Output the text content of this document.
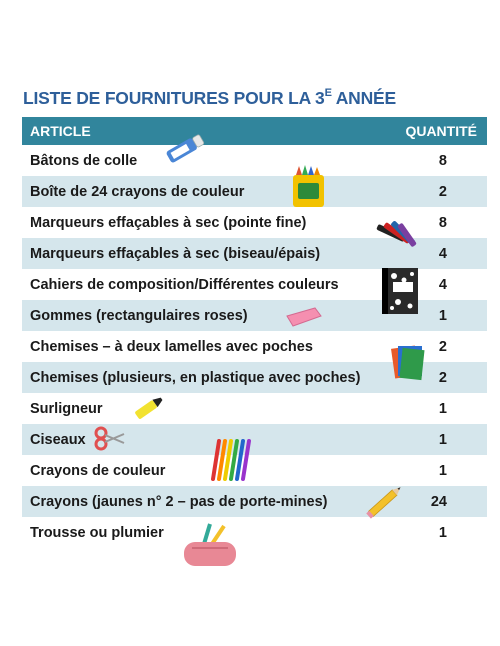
LISTE DE FOURNITURES POUR LA $3^E$ ANNÉE
ARTICLE	QUANTITÉ
Bâtons de colle	8
Boîte de 24 crayons de couleur	2
Marqueurs effaçables à sec (pointe fine)	8
Marqueurs effaçables à sec (biseau/épais)	4
Cahiers de composition/Différentes couleurs	4
Gommes (rectangulaires roses)	1
Chemises – à deux lamelles avec poches	2
Chemises (plusieurs, en plastique avec poches)	2
Surligneur	1
Ciseaux	1
Crayons de couleur	1
Crayons (jaunes n° 2 – pas de porte-mines)	24
Trousse ou plumier	1
